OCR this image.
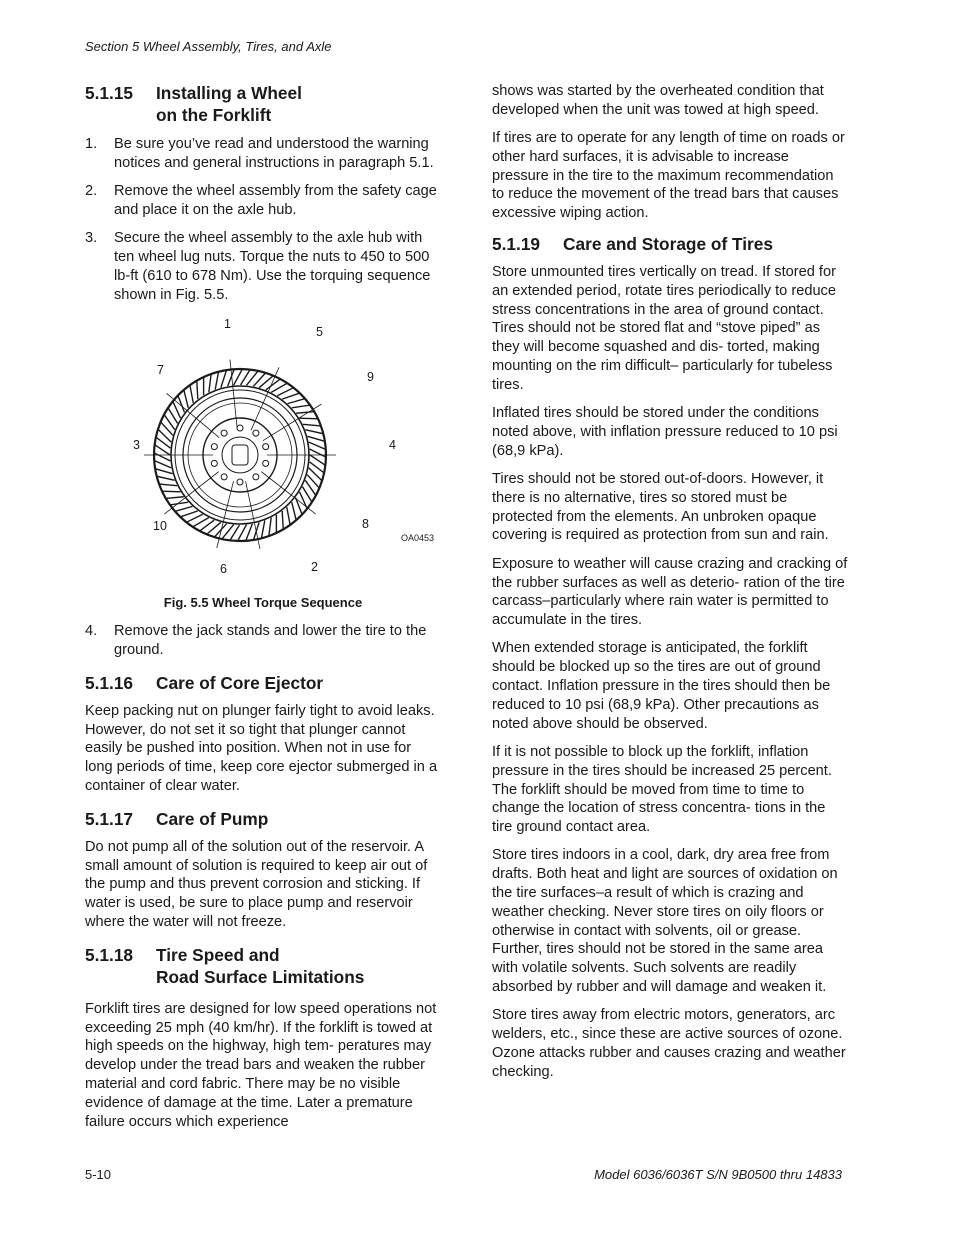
Section 5 Wheel Assembly, Tires, and Axle
5.1.15 Installing a Wheel
on the Forklift
1. Be sure you’ve read and understood the warning notices and general instructions in paragraph 5.1.
2. Remove the wheel assembly from the safety cage and place it on the axle hub.
3. Secure the wheel assembly to the axle hub with ten wheel lug nuts. Torque the nuts to 450 to 500 lb-ft (610 to 678 Nm). Use the torquing sequence shown in Fig. 5.5.
1
2
3	4
5
6
7
8
9
10
OA0453
Fig. 5.5 Wheel Torque Sequence
4. Remove the jack stands and lower the tire to the ground.
5.1.16 Care of Core Ejector

Keep packing nut on plunger fairly tight to avoid leaks. However, do not set it so tight that plunger cannot easily be pushed into position. When not in use for long periods of time, keep core ejector submerged in a container of clear water.

5.1.17 Care of Pump

Do not pump all of the solution out of the reservoir. A small amount of solution is required to keep air out of the pump and thus prevent corrosion and sticking. If water is used, be sure to place pump and reservoir where the water will not freeze.

5.1.18 Tire Speed and
Road Surface Limitations

Forklift tires are designed for low speed operations not exceeding 25 mph (40 km/hr). If the forklift is towed at high speeds on the highway, high tem- peratures may develop under the tread bars and weaken the rubber material and cord fabric. There may be no visible evidence of damage at the time. Later a premature failure occurs which experience

shows was started by the overheated condition that developed when the unit was towed at high speed.

If tires are to operate for any length of time on roads or other hard surfaces, it is advisable to increase pressure in the tire to the maximum recommendation to reduce the movement of the tread bars that causes excessive wiping action.

5.1.19 Care and Storage of Tires

Store unmounted tires vertically on tread. If stored for an extended period, rotate tires periodically to reduce stress concentrations in the area of ground contact. Tires should not be stored flat and “stove piped” as they will become squashed and dis- torted, making mounting on the rim difficult– particularly for tubeless tires.

Inflated tires should be stored under the conditions noted above, with inflation pressure reduced to 10 psi (68,9 kPa).

Tires should not be stored out-of-doors. However, it there is no alternative, tires so stored must be protected from the elements. An unbroken opaque covering is required as protection from sun and rain.

Exposure to weather will cause crazing and cracking of the rubber surfaces as well as deterio- ration of the tire carcass–particularly where rain water is permitted to accumulate in the tires.

When extended storage is anticipated, the forklift should be blocked up so the tires are out of ground contact. Inflation pressure in the tires should then be reduced to 10 psi (68,9 kPa). Other precautions as noted above should be observed.

If it is not possible to block up the forklift, inflation pressure in the tires should be increased 25 percent. The forklift should be moved from time to time to change the location of stress concentra- tions in the tire ground contact area.

Store tires indoors in a cool, dark, dry area free from drafts. Both heat and light are sources of oxidation on the tire surfaces–a result of which is crazing and weather checking. Never store tires on oily floors or otherwise in contact with solvents, oil or grease. Further, tires should not be stored in the same area with volatile solvents. Such solvents are readily absorbed by rubber and will damage and weaken it.

Store tires away from electric motors, generators, arc welders, etc., since these are active sources of ozone. Ozone attacks rubber and causes crazing and weather checking.

5-10	Model 6036/6036T S/N 9B0500 thru 14833
